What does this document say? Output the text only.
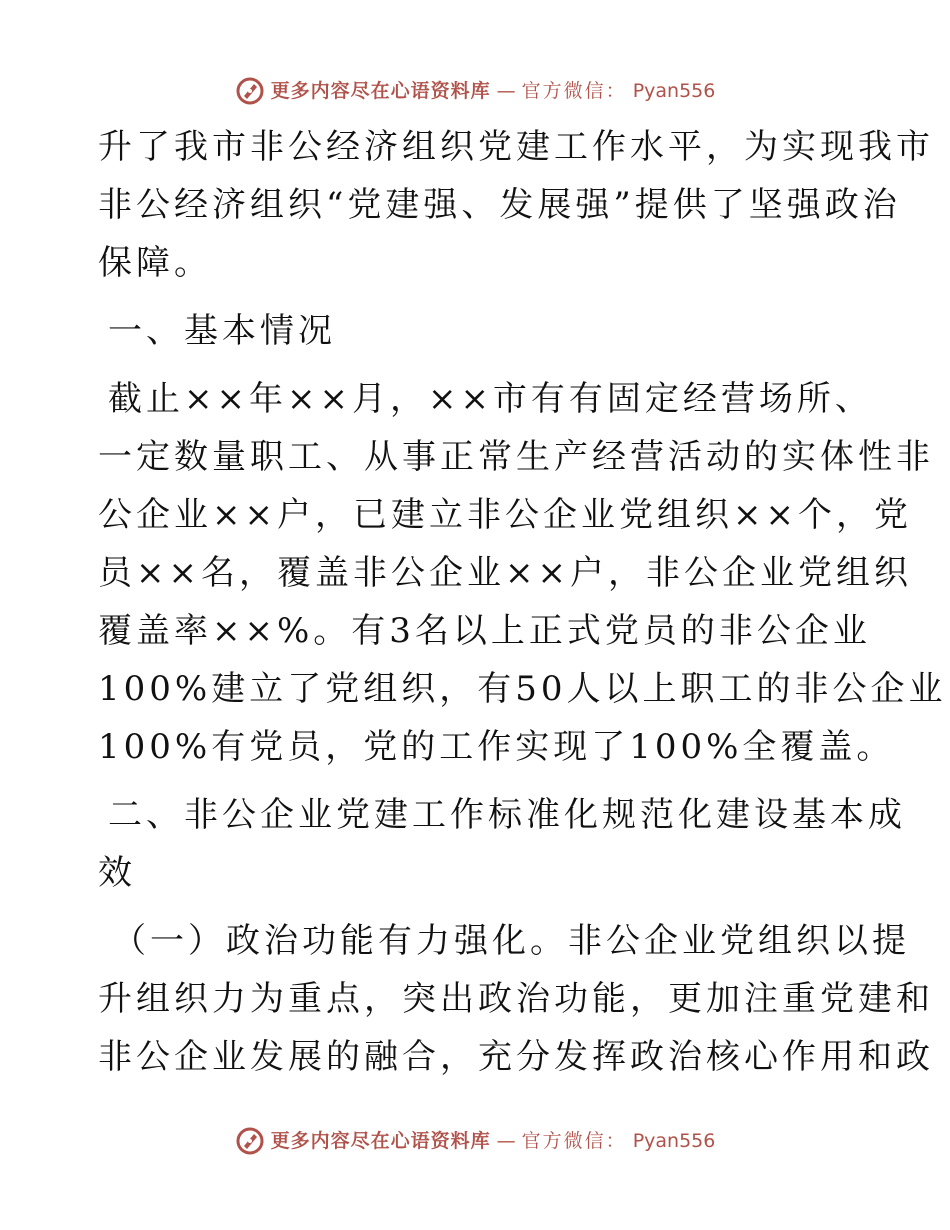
更多内容尽在心语资料库 — 官方微信： Pyan556
升了我市非公经济组织党建工作水平，为实现我市
非公经济组织“党建强、发展强”提供了坚强政治
保障。
一、基本情况
截止××年××月，××市有有固定经营场所、
一定数量职工、从事正常生产经营活动的实体性非
公企业××户，已建立非公企业党组织××个，党
员××名，覆盖非公企业××户，非公企业党组织
覆盖率××%。有3名以上正式党员的非公企业
100%建立了党组织，有50人以上职工的非公企业
100%有党员，党的工作实现了100%全覆盖。
二、非公企业党建工作标准化规范化建设基本成
效
（一）政治功能有力强化。非公企业党组织以提
升组织力为重点，突出政治功能，更加注重党建和
非公企业发展的融合，充分发挥政治核心作用和政
更多内容尽在心语资料库 — 官方微信： Pyan556
